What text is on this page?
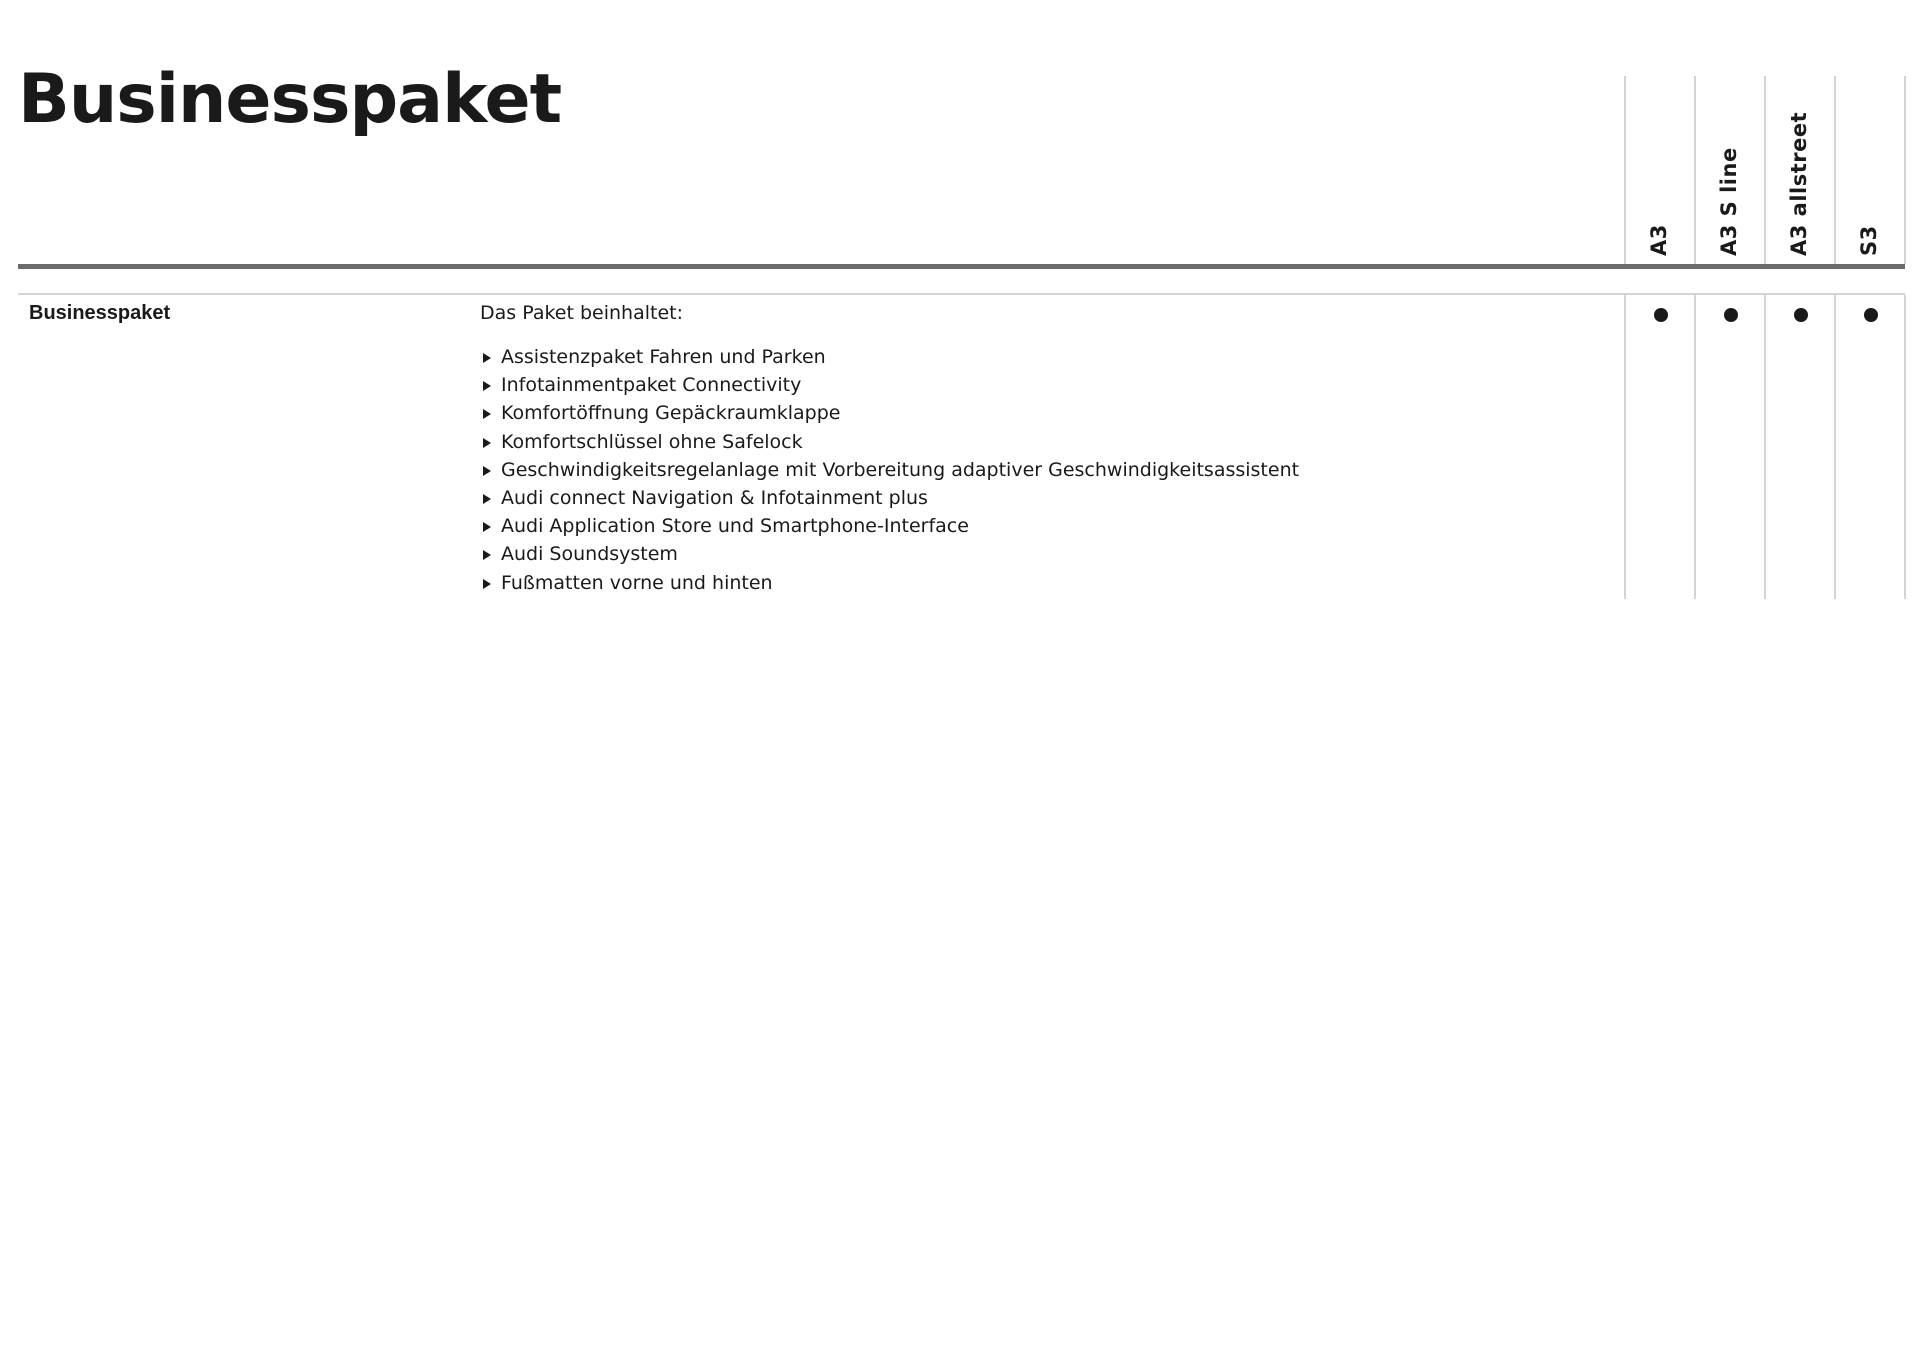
Businesspaket
A3 A3 S line A3 allstreet S3
Businesspaket	Das Paket beinhaltet:
Assistenzpaket Fahren und Parken
Infotainmentpaket Connectivity
Komfortöffnung Gepäckraumklappe
Komfortschlüssel ohne Safelock
Geschwindigkeitsregelanlage mit Vorbereitung adaptiver Geschwindigkeitsassistent
Audi connect Navigation & Infotainment plus
Audi Application Store und Smartphone-Interface
Audi Soundsystem
Fußmatten vorne und hinten
